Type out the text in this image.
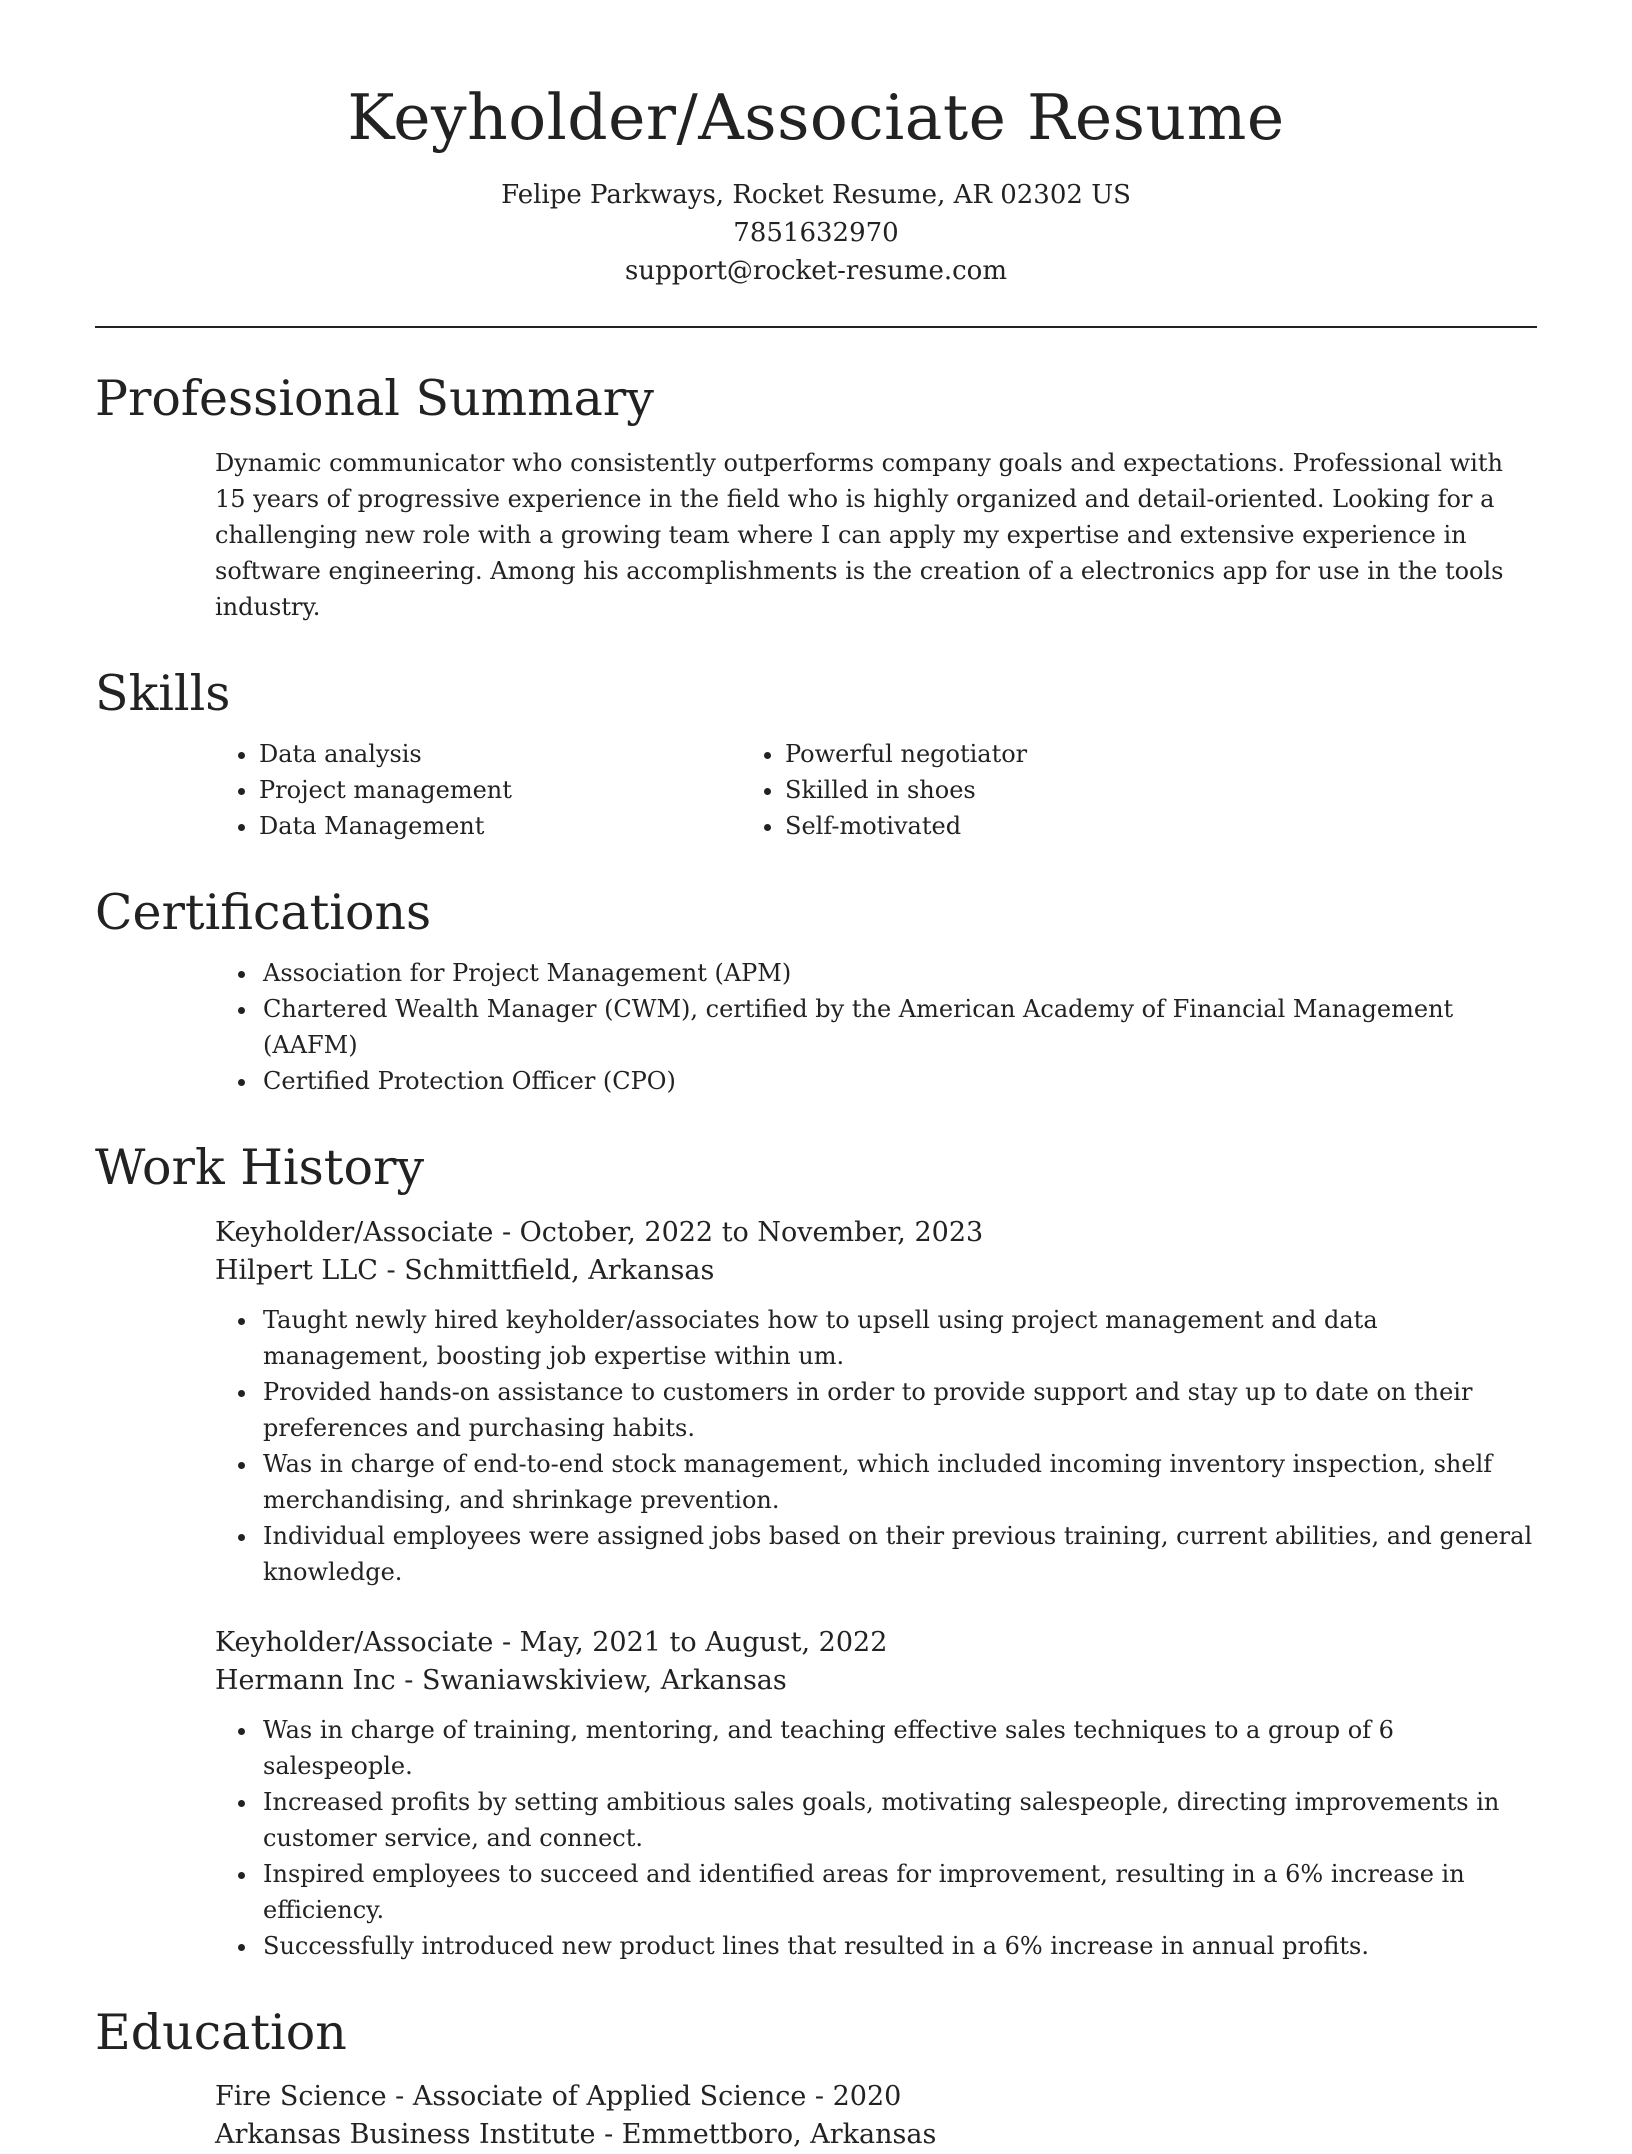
Keyholder/Associate Resume

Felipe Parkways, Rocket Resume, AR 02302 US

7851632970

support@rocket-resume.com

Professional Summary

Dynamic communicator who consistently outperforms company goals and expectations. Professional with 15 years of progressive experience in the field who is highly organized and detail-oriented. Looking for a challenging new role with a growing team where I can apply my expertise and extensive experience in software engineering. Among his accomplishments is the creation of a electronics app for use in the tools industry.

Skills
• Data analysis
• Project management
• Data Management
• Powerful negotiator
• Skilled in shoes
• Self-motivated
Certifications
• Association for Project Management (APM)
• Chartered Wealth Manager (CWM), certified by the American Academy of Financial Management (AAFM)
• Certified Protection Officer (CPO)
Work History

Keyholder/Associate - October, 2022 to November, 2023

Hilpert LLC - Schmittfield, Arkansas

• Taught newly hired keyholder/associates how to upsell using project management and data management, boosting job expertise within um.
• Provided hands-on assistance to customers in order to provide support and stay up to date on their preferences and purchasing habits.
• Was in charge of end-to-end stock management, which included incoming inventory inspection, shelf merchandising, and shrinkage prevention.
• Individual employees were assigned jobs based on their previous training, current abilities, and general knowledge.

Keyholder/Associate - May, 2021 to August, 2022

Hermann Inc - Swaniawskiview, Arkansas

• Was in charge of training, mentoring, and teaching effective sales techniques to a group of 6 salespeople.
• Increased profits by setting ambitious sales goals, motivating salespeople, directing improvements in customer service, and connect.
• Inspired employees to succeed and identified areas for improvement, resulting in a 6% increase in efficiency.
• Successfully introduced new product lines that resulted in a 6% increase in annual profits.
Education

Fire Science - Associate of Applied Science - 2020

Arkansas Business Institute - Emmettboro, Arkansas
